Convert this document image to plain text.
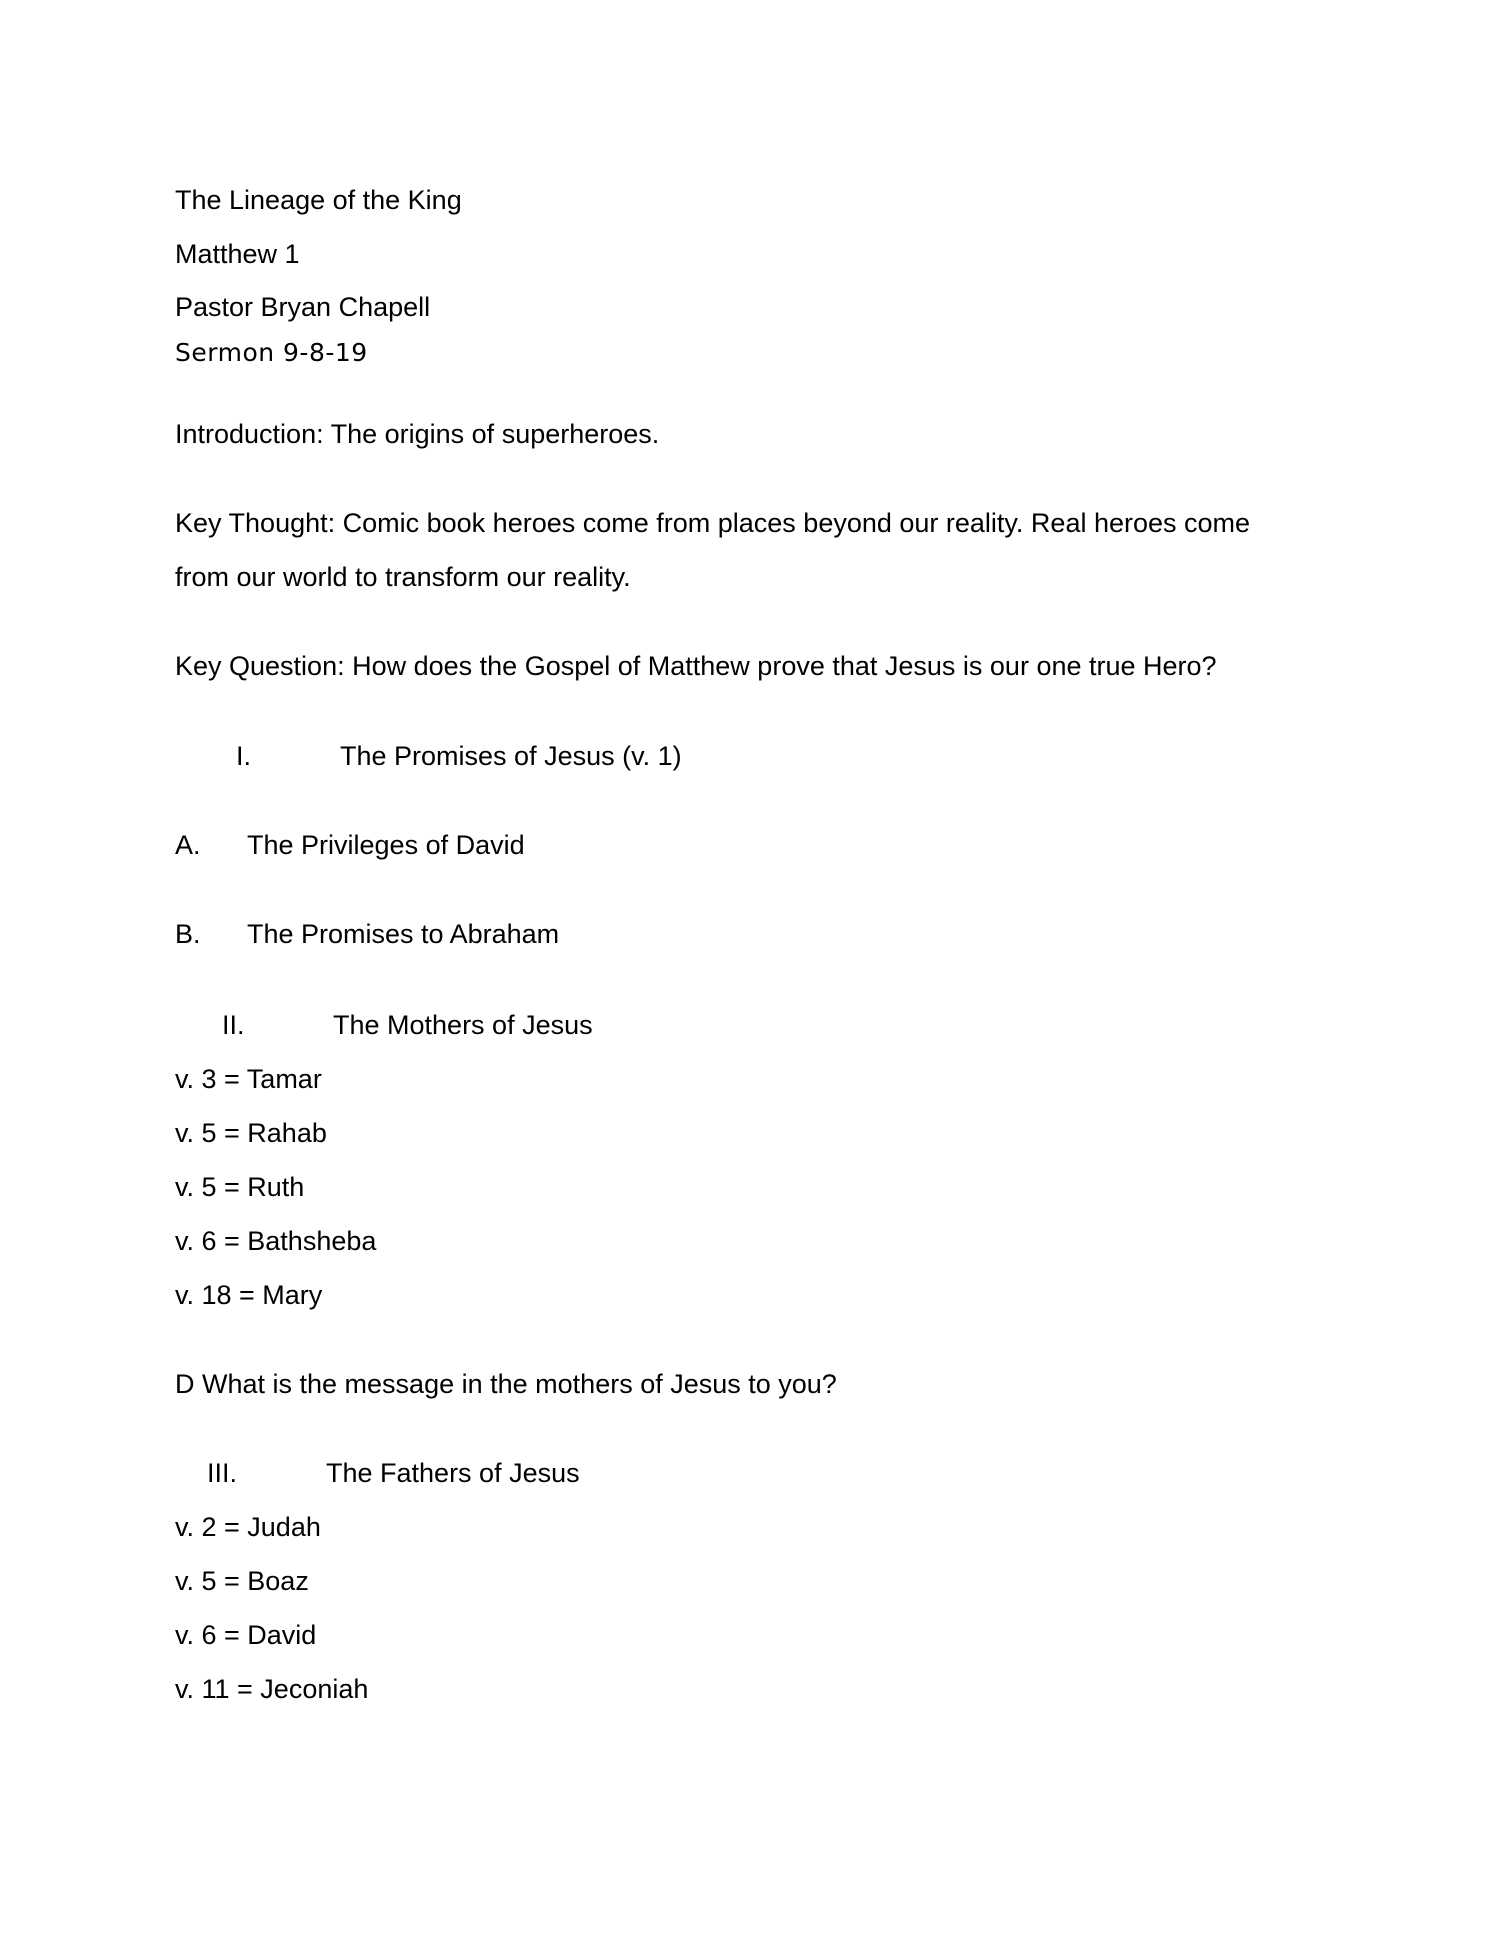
The Lineage of the King
Matthew 1
Pastor Bryan Chapell
Sermon 9-8-19
Introduction: The origins of superheroes.
Key Thought: Comic book heroes come from places beyond our reality. Real heroes come
from our world to transform our reality.
Key Question: How does the Gospel of Matthew prove that Jesus is our one true Hero?
I.	The Promises of Jesus (v. 1)
A. The Privileges of David
B. The Promises to Abraham
II.	The Mothers of Jesus
v. 3 = Tamar
v. 5 = Rahab
v. 5 = Ruth
v. 6 = Bathsheba
v. 18 = Mary
D What is the message in the mothers of Jesus to you?
III.	The Fathers of Jesus
v. 2 = Judah
v. 5 = Boaz
v. 6 = David
v. 11 = Jeconiah
